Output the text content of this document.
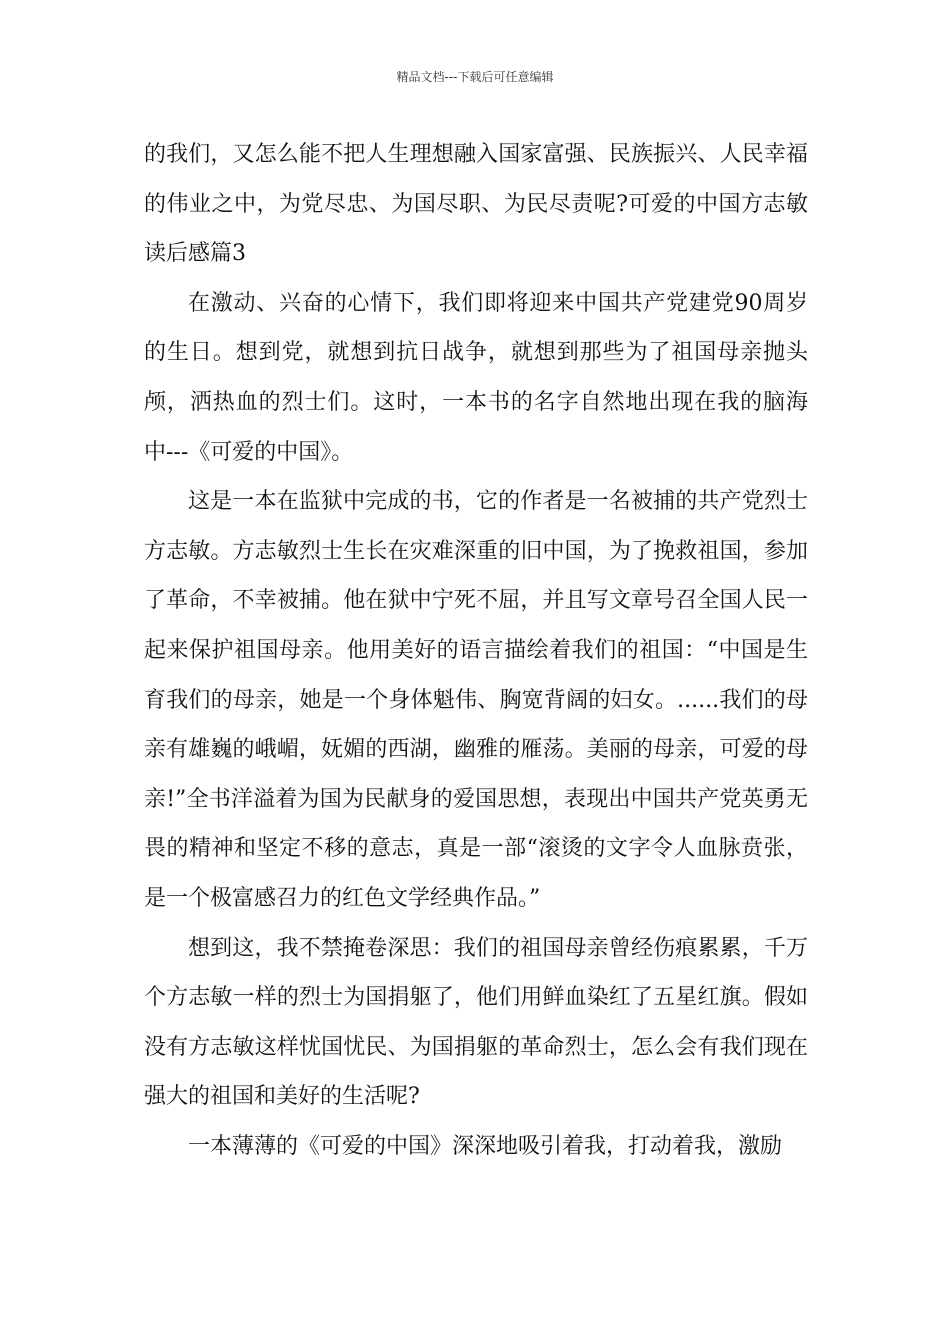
精品文档---下载后可任意编辑

的我们，又怎么能不把人生理想融入国家富强、民族振兴、人民幸福的伟业之中，为党尽忠、为国尽职、为民尽责呢?可爱的中国方志敏读后感篇3

在激动、兴奋的心情下，我们即将迎来中国共产党建党90周岁的生日。想到党，就想到抗日战争，就想到那些为了祖国母亲抛头颅，洒热血的烈士们。这时，一本书的名字自然地出现在我的脑海中---《可爱的中国》。

这是一本在监狱中完成的书，它的作者是一名被捕的共产党烈士方志敏。方志敏烈士生长在灾难深重的旧中国，为了挽救祖国，参加了革命，不幸被捕。他在狱中宁死不屈，并且写文章号召全国人民一起来保护祖国母亲。他用美好的语言描绘着我们的祖国：“中国是生育我们的母亲，她是一个身体魁伟、胸宽背阔的妇女。......我们的母亲有雄巍的峨嵋，妩媚的西湖，幽雅的雁荡。美丽的母亲，可爱的母亲!”全书洋溢着为国为民献身的爱国思想，表现出中国共产党英勇无畏的精神和坚定不移的意志，真是一部“滚烫的文字令人血脉贲张，是一个极富感召力的红色文学经典作品。”

想到这，我不禁掩卷深思：我们的祖国母亲曾经伤痕累累，千万个方志敏一样的烈士为国捐躯了，他们用鲜血染红了五星红旗。假如没有方志敏这样忧国忧民、为国捐躯的革命烈士，怎么会有我们现在强大的祖国和美好的生活呢?

一本薄薄的《可爱的中国》深深地吸引着我，打动着我，激励
